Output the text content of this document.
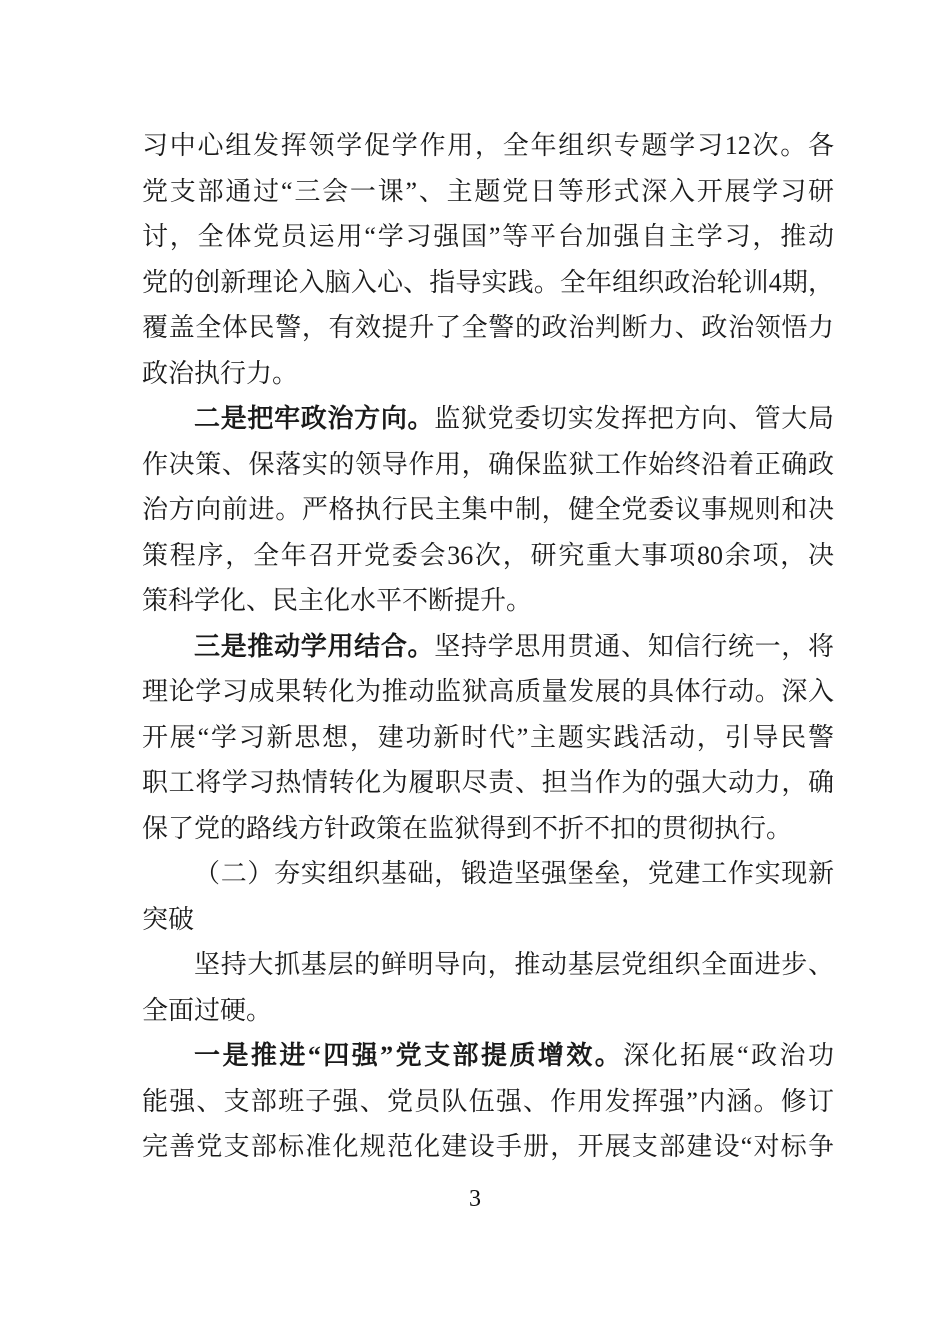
习中心组发挥领学促学作用，全年组织专题学习12次。各
党支部通过“三会一课”、主题党日等形式深入开展学习研
讨，全体党员运用“学习强国”等平台加强自主学习，推动
党的创新理论入脑入心、指导实践。全年组织政治轮训4期，
覆盖全体民警，有效提升了全警的政治判断力、政治领悟力
政治执行力。
二是把牢政治方向。监狱党委切实发挥把方向、管大局
作决策、保落实的领导作用，确保监狱工作始终沿着正确政
治方向前进。严格执行民主集中制，健全党委议事规则和决
策程序，全年召开党委会36次，研究重大事项80余项，决
策科学化、民主化水平不断提升。
三是推动学用结合。坚持学思用贯通、知信行统一，将
理论学习成果转化为推动监狱高质量发展的具体行动。深入
开展“学习新思想，建功新时代”主题实践活动，引导民警
职工将学习热情转化为履职尽责、担当作为的强大动力，确
保了党的路线方针政策在监狱得到不折不扣的贯彻执行。
（二）夯实组织基础，锻造坚强堡垒，党建工作实现新
突破
坚持大抓基层的鲜明导向，推动基层党组织全面进步、
全面过硬。
一是推进“四强”党支部提质增效。深化拓展“政治功
能强、支部班子强、党员队伍强、作用发挥强”内涵。修订
完善党支部标准化规范化建设手册，开展支部建设“对标争
3
